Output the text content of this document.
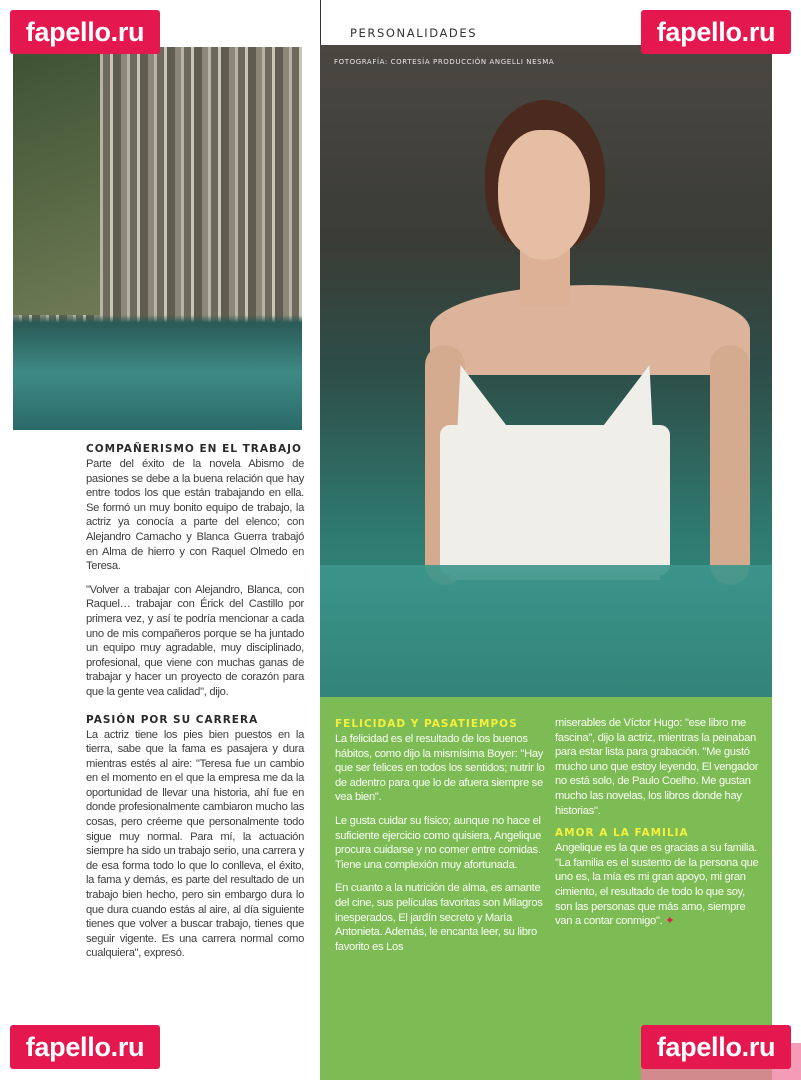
PERSONALIDADES
FOTOGRAFÍA: CORTESÍA PRODUCCIÓN ANGELLI NESMA
COMPAÑERISMO EN EL TRABAJO

Parte del éxito de la novela Abismo de pasiones se debe a la buena relación que hay entre todos los que están trabajando en ella. Se formó un muy bonito equipo de trabajo, la actriz ya conocía a parte del elenco; con Alejandro Camacho y Blanca Guerra trabajó en Alma de hierro y con Raquel Olmedo en Teresa.

"Volver a trabajar con Alejandro, Blanca, con Raquel… trabajar con Érick del Castillo por primera vez, y así te podría mencionar a cada uno de mis compañeros porque se ha juntado un equipo muy agradable, muy disciplinado, profesional, que viene con muchas ganas de trabajar y hacer un proyecto de corazón para que la gente vea calidad", dijo.

PASIÓN POR SU CARRERA

La actriz tiene los pies bien puestos en la tierra, sabe que la fama es pasajera y dura mientras estés al aire: "Teresa fue un cambio en el momento en el que la empresa me da la oportunidad de llevar una historia, ahí fue en donde profesionalmente cambiaron mucho las cosas, pero créeme que personalmente todo sigue muy normal. Para mí, la actuación siempre ha sido un trabajo serio, una carrera y de esa forma todo lo que lo conlleva, el éxito, la fama y demás, es parte del resultado de un trabajo bien hecho, pero sin embargo dura lo que dura cuando estás al aire, al día siguiente tienes que volver a buscar trabajo, tienes que seguir vigente. Es una carrera normal como cualquiera", expresó.

FELICIDAD Y PASATIEMPOS

La felicidad es el resultado de los buenos hábitos, como dijo la mismísima Boyer: "Hay que ser felices en todos los sentidos; nutrir lo de adentro para que lo de afuera siempre se vea bien".

Le gusta cuidar su físico; aunque no hace el suficiente ejercicio como quisiera, Angelique procura cuidarse y no comer entre comidas. Tiene una complexión muy afortunada.

En cuanto a la nutrición de alma, es amante del cine, sus películas favoritas son Milagros inesperados, El jardín secreto y María Antonieta. Además, le encanta leer, su libro favorito es Los

miserables de Víctor Hugo: "ese libro me fascina", dijo la actriz, mientras la peinaban para estar lista para grabación. "Me gustó mucho uno que estoy leyendo, El vengador no está solo, de Paulo Coelho. Me gustan mucho las novelas, los libros donde hay historias".

AMOR A LA FAMILIA

Angelique es la que es gracias a su familia. "La familia es el sustento de la persona que uno es, la mía es mi gran apoyo, mi gran cimiento, el resultado de todo lo que soy, son las personas que más amo, siempre van a contar conmigo". ✦

fapello.ru	fapello.ru
fapello.ru	fapello.ru
